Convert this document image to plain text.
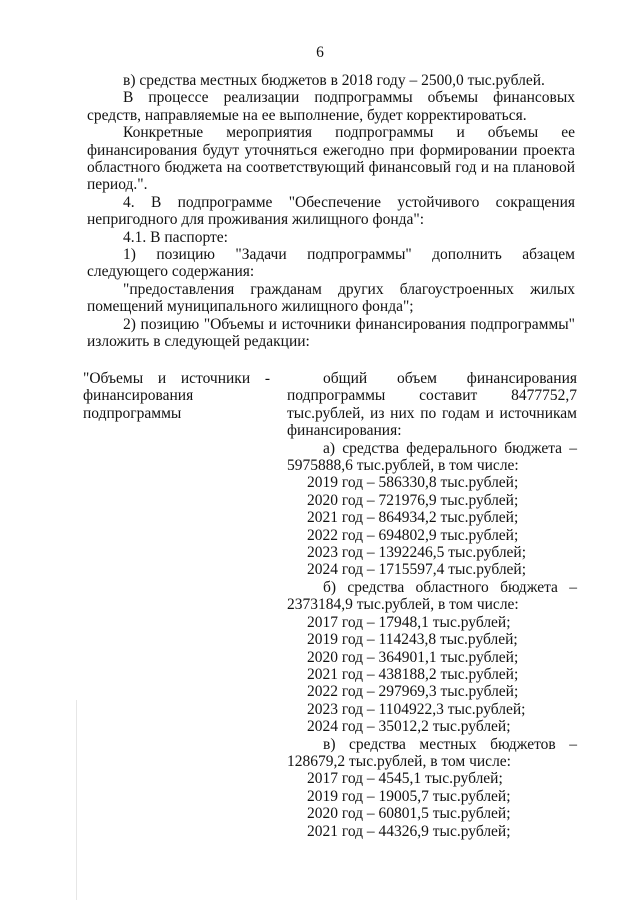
6

в) средства местных бюджетов в 2018 году – 2500,0 тыс.рублей.

В процессе реализации подпрограммы объемы финансовых средств, направляемые на ее выполнение, будет корректироваться.

Конкретные мероприятия подпрограммы и объемы ее финансирования будут уточняться ежегодно при формировании проекта областного бюджета на соответствующий финансовый год и на плановой период.".

4. В подпрограмме "Обеспечение устойчивого сокращения непригодного для проживания жилищного фонда":

4.1. В паспорте:

1) позицию "Задачи подпрограммы" дополнить абзацем следующего содержания:

"предоставления гражданам других благоустроенных жилых помещений муниципального жилищного фонда";

2) позицию "Объемы и источники финансирования подпрограммы" изложить в следующей редакции:

"Объемы и источники - финансирования подпрограммы

общий объем финансирования подпрограммы составит 8477752,7 тыс.рублей, из них по годам и источникам финансирования:

а) средства федерального бюджета – 5975888,6 тыс.рублей, в том числе:

2019 год – 586330,8 тыс.рублей;

2020 год – 721976,9 тыс.рублей;

2021 год – 864934,2 тыс.рублей;

2022 год – 694802,9 тыс.рублей;

2023 год – 1392246,5 тыс.рублей;

2024 год – 1715597,4 тыс.рублей;

б) средства областного бюджета – 2373184,9 тыс.рублей, в том числе:

2017 год – 17948,1 тыс.рублей;

2019 год – 114243,8 тыс.рублей;

2020 год – 364901,1 тыс.рублей;

2021 год – 438188,2 тыс.рублей;

2022 год – 297969,3 тыс.рублей;

2023 год – 1104922,3 тыс.рублей;

2024 год – 35012,2 тыс.рублей;

в) средства местных бюджетов – 128679,2 тыс.рублей, в том числе:

2017 год – 4545,1 тыс.рублей;

2019 год – 19005,7 тыс.рублей;

2020 год – 60801,5 тыс.рублей;

2021 год – 44326,9 тыс.рублей;
